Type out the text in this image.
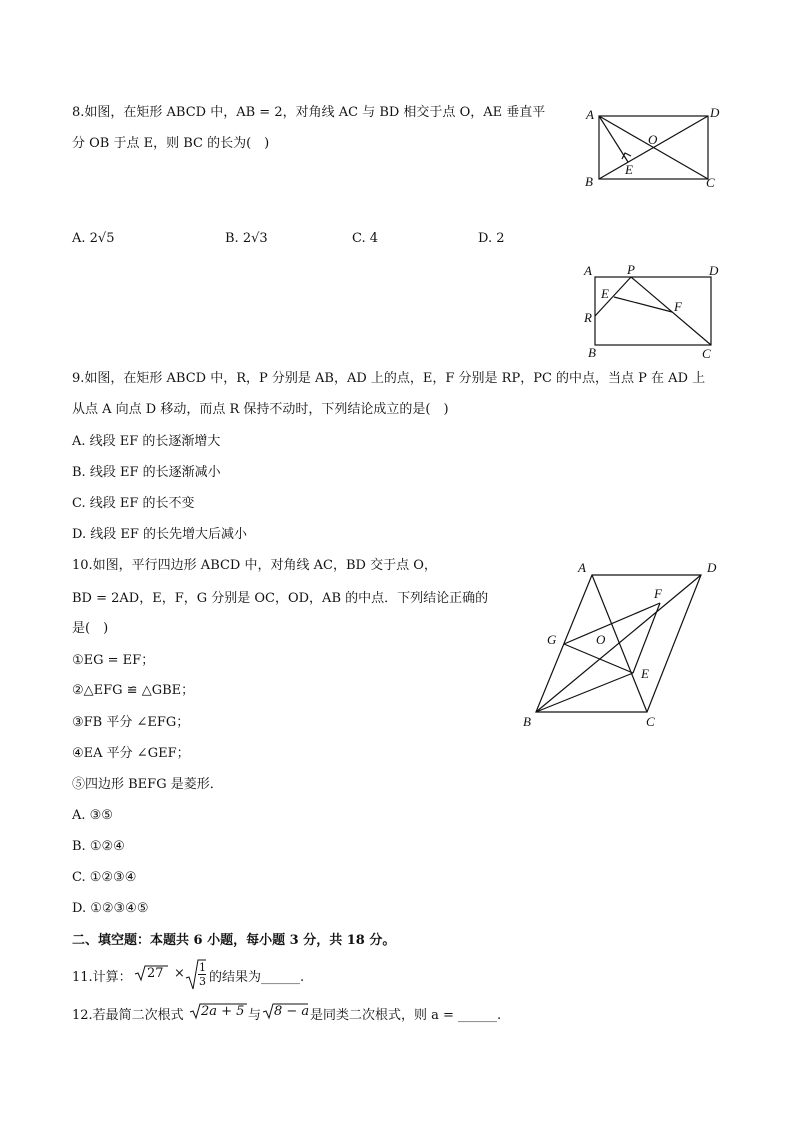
8.如图，在矩形 ABCD 中，AB = 2，对角线 AC 与 BD 相交于点 O，AE 垂直平
分 OB 于点 E，则 BC 的长为(　)
A	D
B	C
O
E
A. 2√5	B. 2√3	C. 4	D. 2
A	P	D
E
F
R
B	C
9.如图，在矩形 ABCD 中，R，P 分别是 AB，AD 上的点，E，F 分别是 RP，PC 的中点，当点 P 在 AD 上
从点 A 向点 D 移动，而点 R 保持不动时，下列结论成立的是(　)
A. 线段 EF 的长逐渐增大
B. 线段 EF 的长逐渐减小
C. 线段 EF 的长不变
D. 线段 EF 的长先增大后减小
10.如图，平行四边形 ABCD 中，对角线 AC，BD 交于点 O，
BD = 2AD，E，F，G 分别是 OC，OD，AB 的中点．下列结论正确的
是(　)
A	D
F
G	O
E
B	C
①EG = EF；
②△EFG ≌ △GBE；
③FB 平分 ∠EFG；
④EA 平分 ∠GEF；
⑤四边形 BEFG 是菱形．
A. ③⑤
B. ①②④
C. ①②③④
D. ①②③④⑤
二、填空题：本题共 6 小题，每小题 3 分，共 18 分。
11.计算： 27 × 1
3 的结果为______.
12.若最简二次根式 2a + 5 与 8 − a 是同类二次根式，则 a = ______.
